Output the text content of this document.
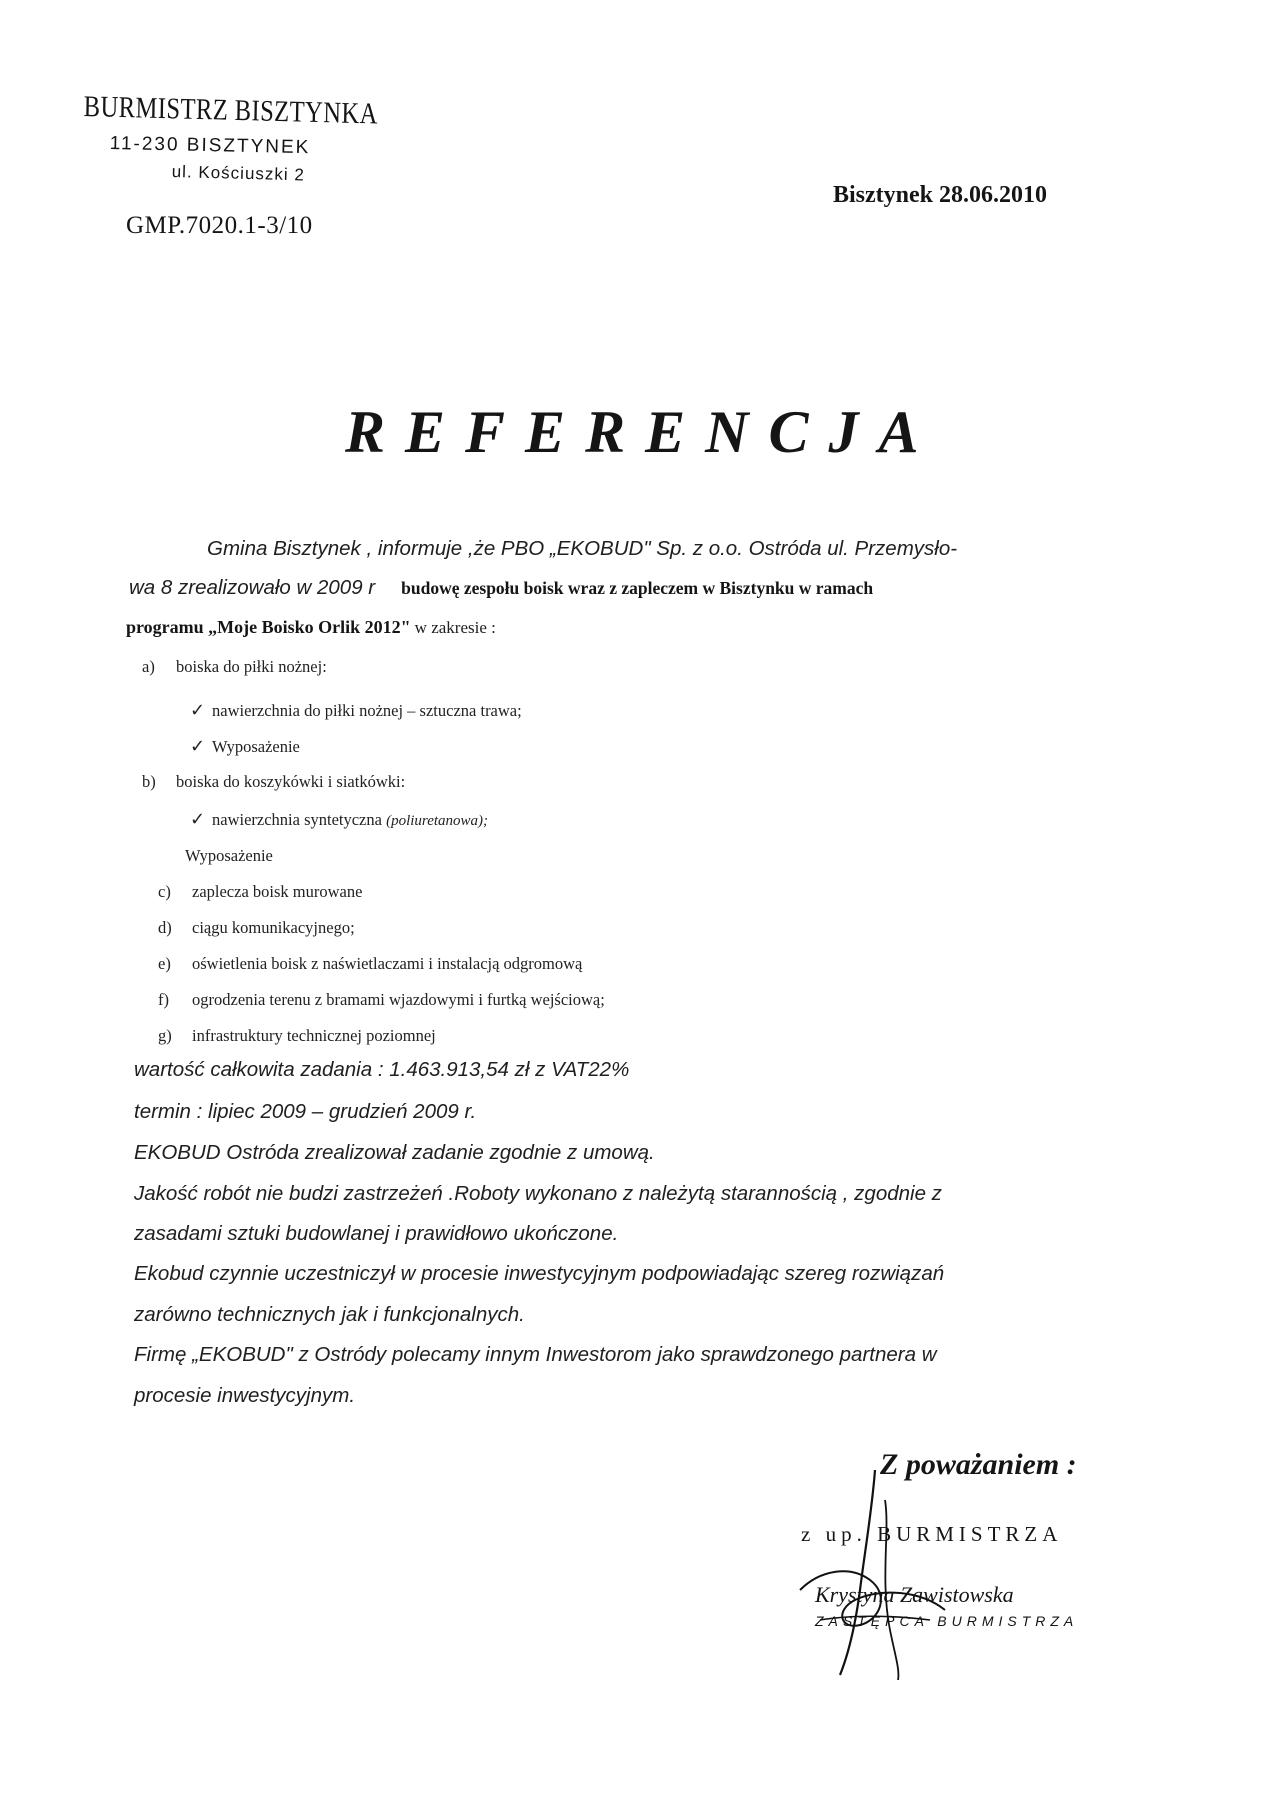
BURMISTRZ BISZTYNKA
11-230 BISZTYNEK
ul. Kościuszki 2
GMP.7020.1-3/10
Bisztynek 28.06.2010
REFERENCJA
Gmina Bisztynek , informuje ,że PBO „EKOBUD" Sp. z o.o. Ostróda ul. Przemysło-
wa 8 zrealizowało w 2009 r budowę zespołu boisk wraz z zapleczem w Bisztynku w ramach
programu „Moje Boisko Orlik 2012" w zakresie :
a) boiska do piłki nożnej:
✓ nawierzchnia do piłki nożnej – sztuczna trawa;
✓ Wyposażenie
b) boiska do koszykówki i siatkówki:
✓ nawierzchnia syntetyczna (poliuretanowa);
Wyposażenie
c) zaplecza boisk murowane
d) ciągu komunikacyjnego;
e) oświetlenia boisk z naświetlaczami i instalacją odgromową
f) ogrodzenia terenu z bramami wjazdowymi i furtką wejściową;
g) infrastruktury technicznej poziomnej
wartość całkowita zadania : 1.463.913,54 zł z VAT22%
termin : lipiec 2009 – grudzień 2009 r.
EKOBUD Ostróda zrealizował zadanie zgodnie z umową.
Jakość robót nie budzi zastrzeżeń .Roboty wykonano z należytą starannością , zgodnie z
zasadami sztuki budowlanej i prawidłowo ukończone.
Ekobud czynnie uczestniczył w procesie inwestycyjnym podpowiadając szereg rozwiązań
zarówno technicznych jak i funkcjonalnych.
Firmę „EKOBUD" z Ostródy polecamy innym Inwestorom jako sprawdzonego partnera w
procesie inwestycyjnym.
Z poważaniem :
z up. BURMISTRZA
Krystyna Zawistowska
ZASTĘPCA BURMISTRZA
